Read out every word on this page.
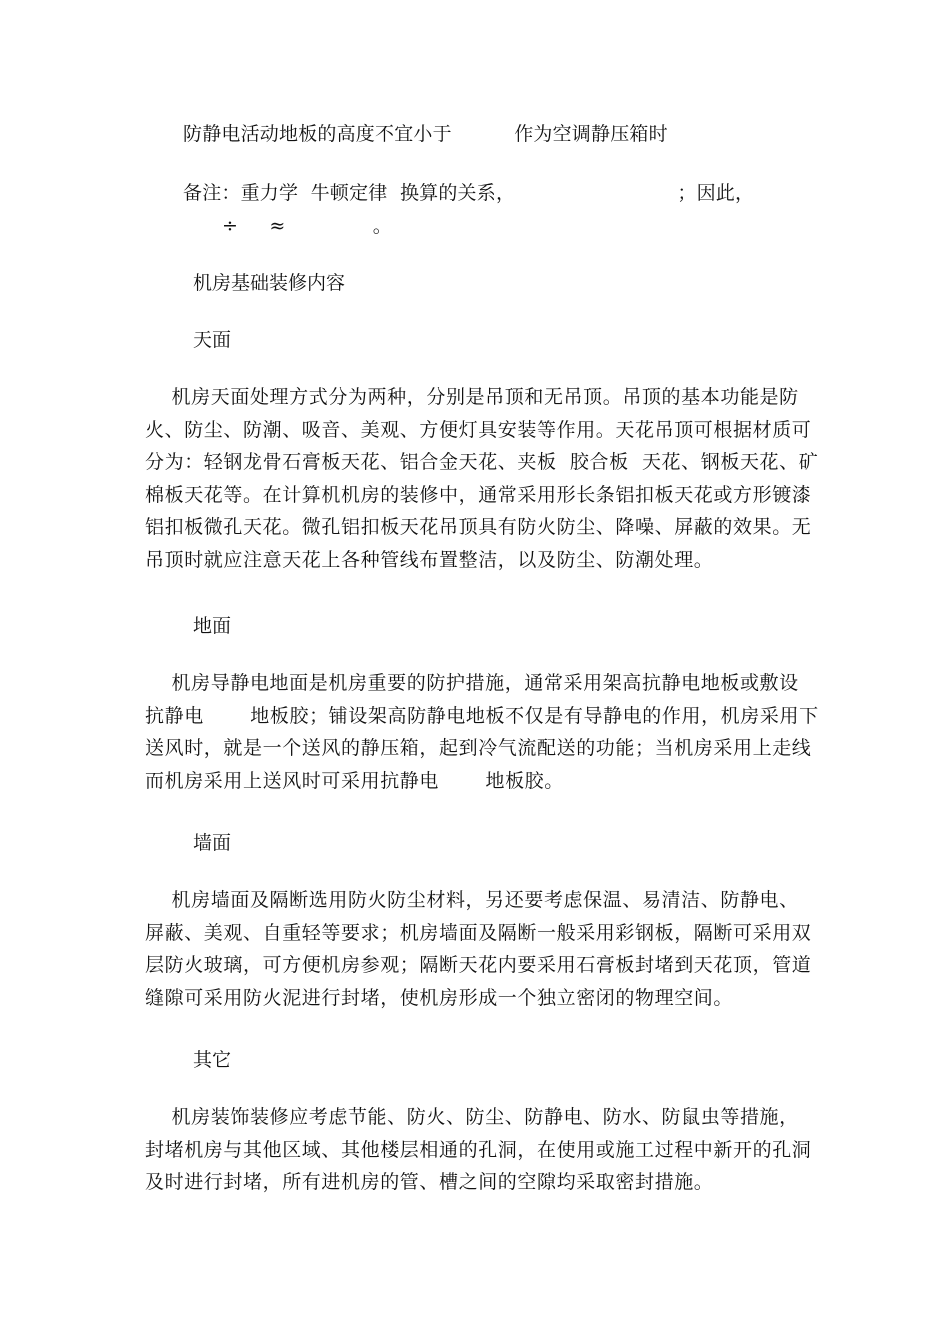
防静电活动地板的高度不宜小于          作为空调静压箱时
备注：重力学  牛顿定律  换算的关系，                          ；因此，
÷     ≈              。
机房基础装修内容
天面
机房天面处理方式分为两种，分别是吊顶和无吊顶。吊顶的基本功能是防
火、防尘、防潮、吸音、美观、方便灯具安装等作用。天花吊顶可根据材质可
分为：轻钢龙骨石膏板天花、铝合金天花、夹板  胶合板  天花、钢板天花、矿
棉板天花等。在计算机机房的装修中，通常采用形长条铝扣板天花或方形镀漆
铝扣板微孔天花。微孔铝扣板天花吊顶具有防火防尘、降噪、屏蔽的效果。无
吊顶时就应注意天花上各种管线布置整洁，以及防尘、防潮处理。
地面
机房导静电地面是机房重要的防护措施，通常采用架高抗静电地板或敷设
抗静电       地板胶；铺设架高防静电地板不仅是有导静电的作用，机房采用下
送风时，就是一个送风的静压箱，起到冷气流配送的功能；当机房采用上走线
而机房采用上送风时可采用抗静电       地板胶。
墙面
机房墙面及隔断选用防火防尘材料，另还要考虑保温、易清洁、防静电、
屏蔽、美观、自重轻等要求；机房墙面及隔断一般采用彩钢板，隔断可采用双
层防火玻璃，可方便机房参观；隔断天花内要采用石膏板封堵到天花顶，管道
缝隙可采用防火泥进行封堵，使机房形成一个独立密闭的物理空间。
其它
机房装饰装修应考虑节能、防火、防尘、防静电、防水、防鼠虫等措施，
封堵机房与其他区域、其他楼层相通的孔洞，在使用或施工过程中新开的孔洞
及时进行封堵，所有进机房的管、槽之间的空隙均采取密封措施。
